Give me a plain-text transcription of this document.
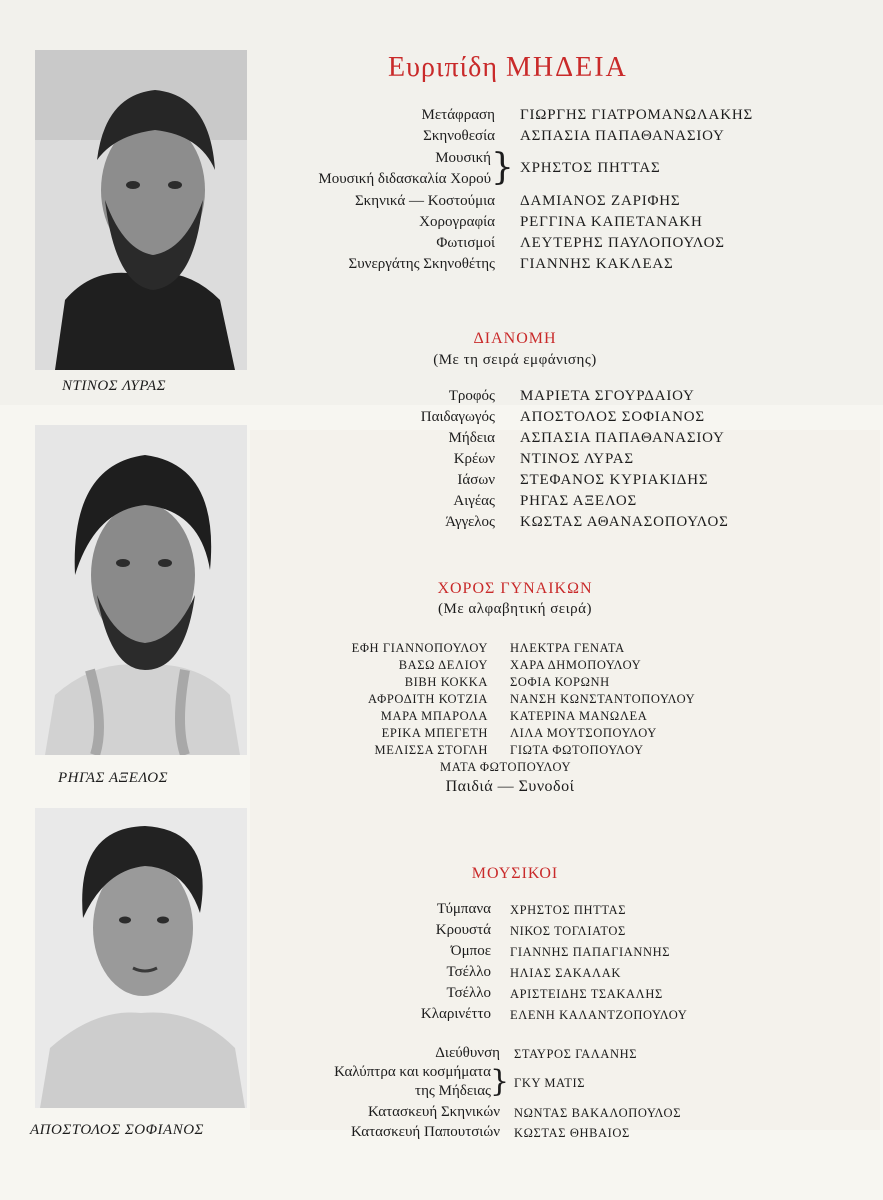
ΝΤΙΝΟΣ ΛΥΡΑΣ
ΡΗΓΑΣ ΑΞΕΛΟΣ
ΑΠΟΣΤΟΛΟΣ ΣΟΦΙΑΝΟΣ
Ευριπίδη ΜΗΔΕΙΑ
Μετάφραση ΓΙΩΡΓΗΣ ΓΙΑΤΡΟΜΑΝΩΛΑΚΗΣ
Σκηνοθεσία ΑΣΠΑΣΙΑ ΠΑΠΑΘΑΝΑΣΙΟΥ
Μουσική
Μουσική διδασκαλία Χορού } ΧΡΗΣΤΟΣ ΠΗΤΤΑΣ
Σκηνικά — Κοστούμια ΔΑΜΙΑΝΟΣ ΖΑΡΙΦΗΣ
Χορογραφία ΡΕΓΓΙΝΑ ΚΑΠΕΤΑΝΑΚΗ
Φωτισμοί ΛΕΥΤΕΡΗΣ ΠΑΥΛΟΠΟΥΛΟΣ
Συνεργάτης Σκηνοθέτης ΓΙΑΝΝΗΣ ΚΑΚΛΕΑΣ
ΔΙΑΝΟΜΗ
(Με τη σειρά εμφάνισης)
Τροφός ΜΑΡΙΕΤΑ ΣΓΟΥΡΔΑΙΟΥ
Παιδαγωγός ΑΠΟΣΤΟΛΟΣ ΣΟΦΙΑΝΟΣ
Μήδεια ΑΣΠΑΣΙΑ ΠΑΠΑΘΑΝΑΣΙΟΥ
Κρέων ΝΤΙΝΟΣ ΛΥΡΑΣ
Ιάσων ΣΤΕΦΑΝΟΣ ΚΥΡΙΑΚΙΔΗΣ
Αιγέας ΡΗΓΑΣ ΑΞΕΛΟΣ
Άγγελος ΚΩΣΤΑΣ ΑΘΑΝΑΣΟΠΟΥΛΟΣ
ΧΟΡΟΣ ΓΥΝΑΙΚΩΝ
(Με αλφαβητική σειρά)
ΕΦΗ ΓΙΑΝΝΟΠΟΥΛΟΥ ΗΛΕΚΤΡΑ ΓΕΝΑΤΑ
ΒΑΣΩ ΔΕΛΙΟΥ ΧΑΡΑ ΔΗΜΟΠΟΥΛΟΥ
ΒΙΒΗ ΚΟΚΚΑ ΣΟΦΙΑ ΚΟΡΩΝΗ
ΑΦΡΟΔΙΤΗ ΚΟΤΖΙΑ ΝΑΝΣΗ ΚΩΝΣΤΑΝΤΟΠΟΥΛΟΥ
ΜΑΡΑ ΜΠΑΡΟΛΑ ΚΑΤΕΡΙΝΑ ΜΑΝΩΛΕΑ
ΕΡΙΚΑ ΜΠΕΓΕΤΗ ΛΙΛΑ ΜΟΥΤΣΟΠΟΥΛΟΥ
ΜΕΛΙΣΣΑ ΣΤΟΓΛΗ ΓΙΩΤΑ ΦΩΤΟΠΟΥΛΟΥ
ΜΑΤΑ ΦΩΤΟΠΟΥΛΟΥ
Παιδιά — Συνοδοί
ΜΟΥΣΙΚΟΙ
Τύμπανα ΧΡΗΣΤΟΣ ΠΗΤΤΑΣ
Κρουστά ΝΙΚΟΣ ΤΟΓΛΙΑΤΟΣ
Όμποε ΓΙΑΝΝΗΣ ΠΑΠΑΓΙΑΝΝΗΣ
Τσέλλο ΗΛΙΑΣ ΣΑΚΑΛΑΚ
Τσέλλο ΑΡΙΣΤΕΙΔΗΣ ΤΣΑΚΑΛΗΣ
Κλαρινέττο ΕΛΕΝΗ ΚΑΛΑΝΤΖΟΠΟΥΛΟΥ
Διεύθυνση ΣΤΑΥΡΟΣ ΓΑΛΑΝΗΣ
Καλύπτρα και κοσμήματα
της Μήδειας } ΓΚΥ ΜΑΤΙΣ
Κατασκευή Σκηνικών ΝΩΝΤΑΣ ΒΑΚΑΛΟΠΟΥΛΟΣ
Κατασκευή Παπουτσιών ΚΩΣΤΑΣ ΘΗΒΑΙΟΣ
